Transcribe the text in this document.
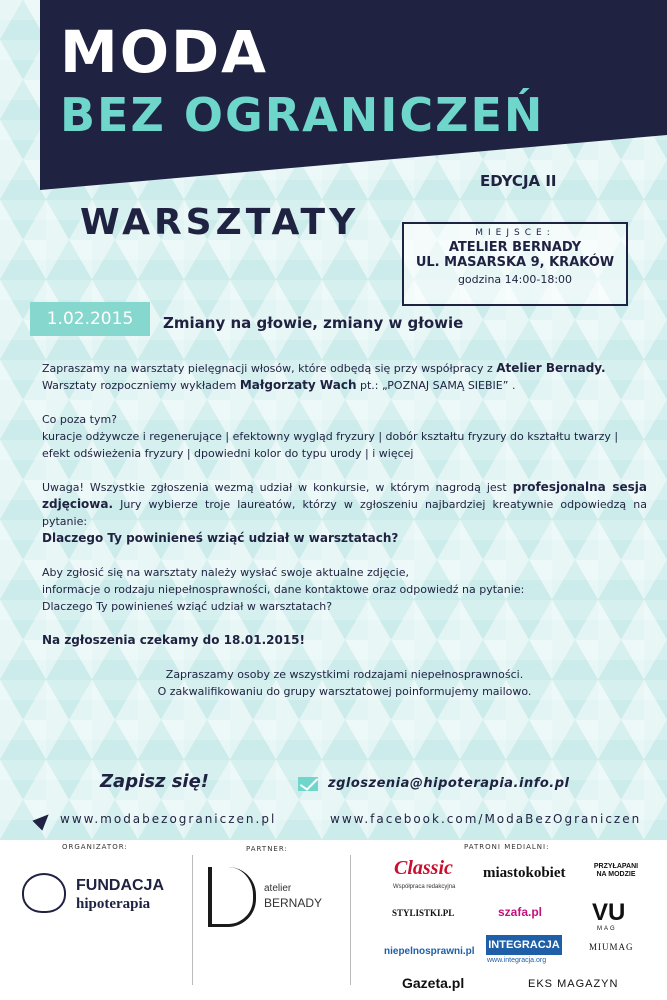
MODA
BEZ OGRANICZEŃ
EDYCJA II
WARSZTATY	MIEJSCE:
ATELIER BERNADY
UL. MASARSKA 9, KRAKÓW
godzina 14:00-18:00
1.02.2015	Zmiany na głowie, zmiany w głowie

Zapraszamy na warsztaty pielęgnacji włosów, które odbędą się przy współpracy z Atelier Bernady.
Warsztaty rozpoczniemy wykładem Małgorzaty Wach pt.: „POZNAJ SAMĄ SIEBIE” .

Co poza tym?
kuracje odżywcze i regenerujące | efektowny wygląd fryzury | dobór kształtu fryzury do kształtu twarzy |
efekt odświeżenia fryzury | dpowiedni kolor do typu urody | i więcej

Uwaga! Wszystkie zgłoszenia wezmą udział w konkursie, w którym nagrodą jest profesjonalna sesja zdjęciowa. Jury wybierze troje laureatów, którzy w zgłoszeniu najbardziej kreatywnie odpowiedzą na pytanie:

Dlaczego Ty powinieneś wziąć udział w warsztatach?

Aby zgłosić się na warsztaty należy wysłać swoje aktualne zdjęcie,
informacje o rodzaju niepełnosprawności, dane kontaktowe oraz odpowiedź na pytanie:
Dlaczego Ty powinieneś wziąć udział w warsztatach?

Na zgłoszenia czekamy do 18.01.2015!

Zapraszamy osoby ze wszystkimi rodzajami niepełnosprawności.
O zakwalifikowaniu do grupy warsztatowej poinformujemy mailowo.

Zapisz się!	zgloszenia@hipoterapia.info.pl
www.modabezograniczen.pl	www.facebook.com/ModaBezOgraniczen
ORGANIZATOR:	PARTNER:	PATRONI MEDIALNI:
FUNDACJA
hipoterapia
atelier
BERNADY
Classic
Współpraca redakcyjna
miastokobiet	PRZYŁAPANI NA MODZIE
STYLISTKI.PL	szafa.pl VU
MAG
niepelnosprawni.pl
INTEGRACJA
www.integracja.org
MIUMAG
Gazeta.pl	EKS MAGAZYN
